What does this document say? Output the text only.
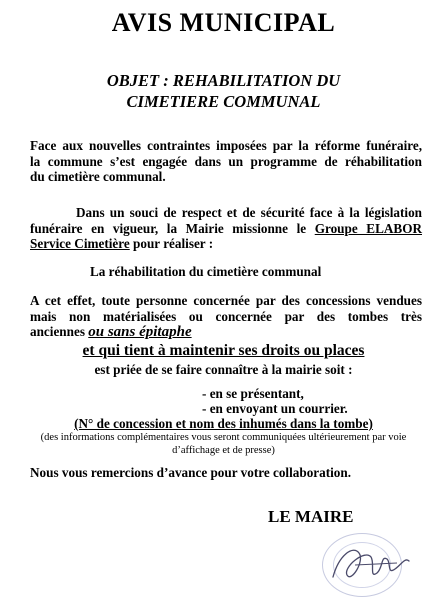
AVIS MUNICIPAL
OBJET : REHABILITATION DU
CIMETIERE COMMUNAL
Face aux nouvelles contraintes imposées par la réforme funéraire,
la commune s’est engagée dans un programme de réhabilitation
du cimetière communal.
Dans un souci de respect et de sécurité face à la législation
funéraire en vigueur, la Mairie missionne le Groupe ELABOR
Service Cimetière pour réaliser :
La réhabilitation du cimetière communal
A cet effet, toute personne concernée par des concessions vendues
mais non matérialisées ou concernée par des tombes très
anciennes ou sans épitaphe
et qui tient à maintenir ses droits ou places
est priée de se faire connaître à la mairie soit :
- en se présentant,
- en envoyant un courrier.
(N° de concession et nom des inhumés dans la tombe)
(des informations complémentaires vous seront communiquées ultérieurement par voie
d’affichage et de presse)
Nous vous remercions d’avance pour votre collaboration.
LE MAIRE
